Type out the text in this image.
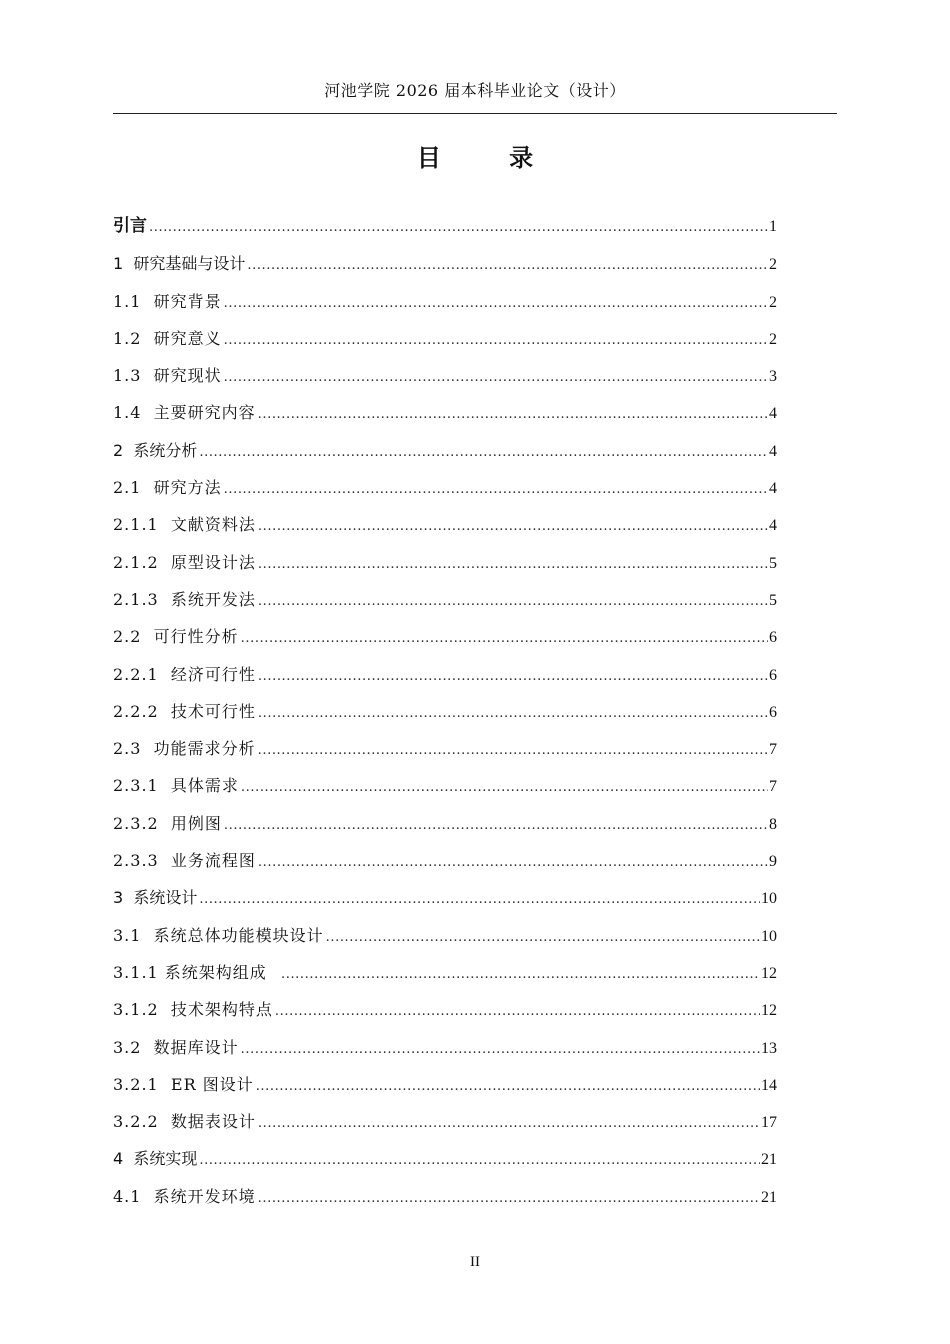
河池学院 2026 届本科毕业论文（设计）
目 录
引言 .....	1
1  研究基础与设计 .....	2
1.1  研究背景 .....	2
1.2  研究意义 .....	2
1.3  研究现状 .....	3
1.4  主要研究内容 .....	4
2  系统分析 .....	4
2.1  研究方法 .....	4
2.1.1  文献资料法 .....	4
2.1.2  原型设计法 .....	5
2.1.3  系统开发法 .....	5
2.2  可行性分析 .....	6
2.2.1  经济可行性 .....	6
2.2.2  技术可行性 .....	6
2.3  功能需求分析 .....	7
2.3.1  具体需求 .....	7
2.3.2  用例图 .....	8
2.3.3  业务流程图 .....	9
3  系统设计 .....	10
3.1  系统总体功能模块设计 .....	10
3.1.1 系统架构组成 .....	12
3.1.2  技术架构特点 .....	12
3.2  数据库设计 .....	13
3.2.1  ER 图设计 .....	14
3.2.2  数据表设计 .....	17
4  系统实现 .....	21
4.1  系统开发环境 .....	21
II
